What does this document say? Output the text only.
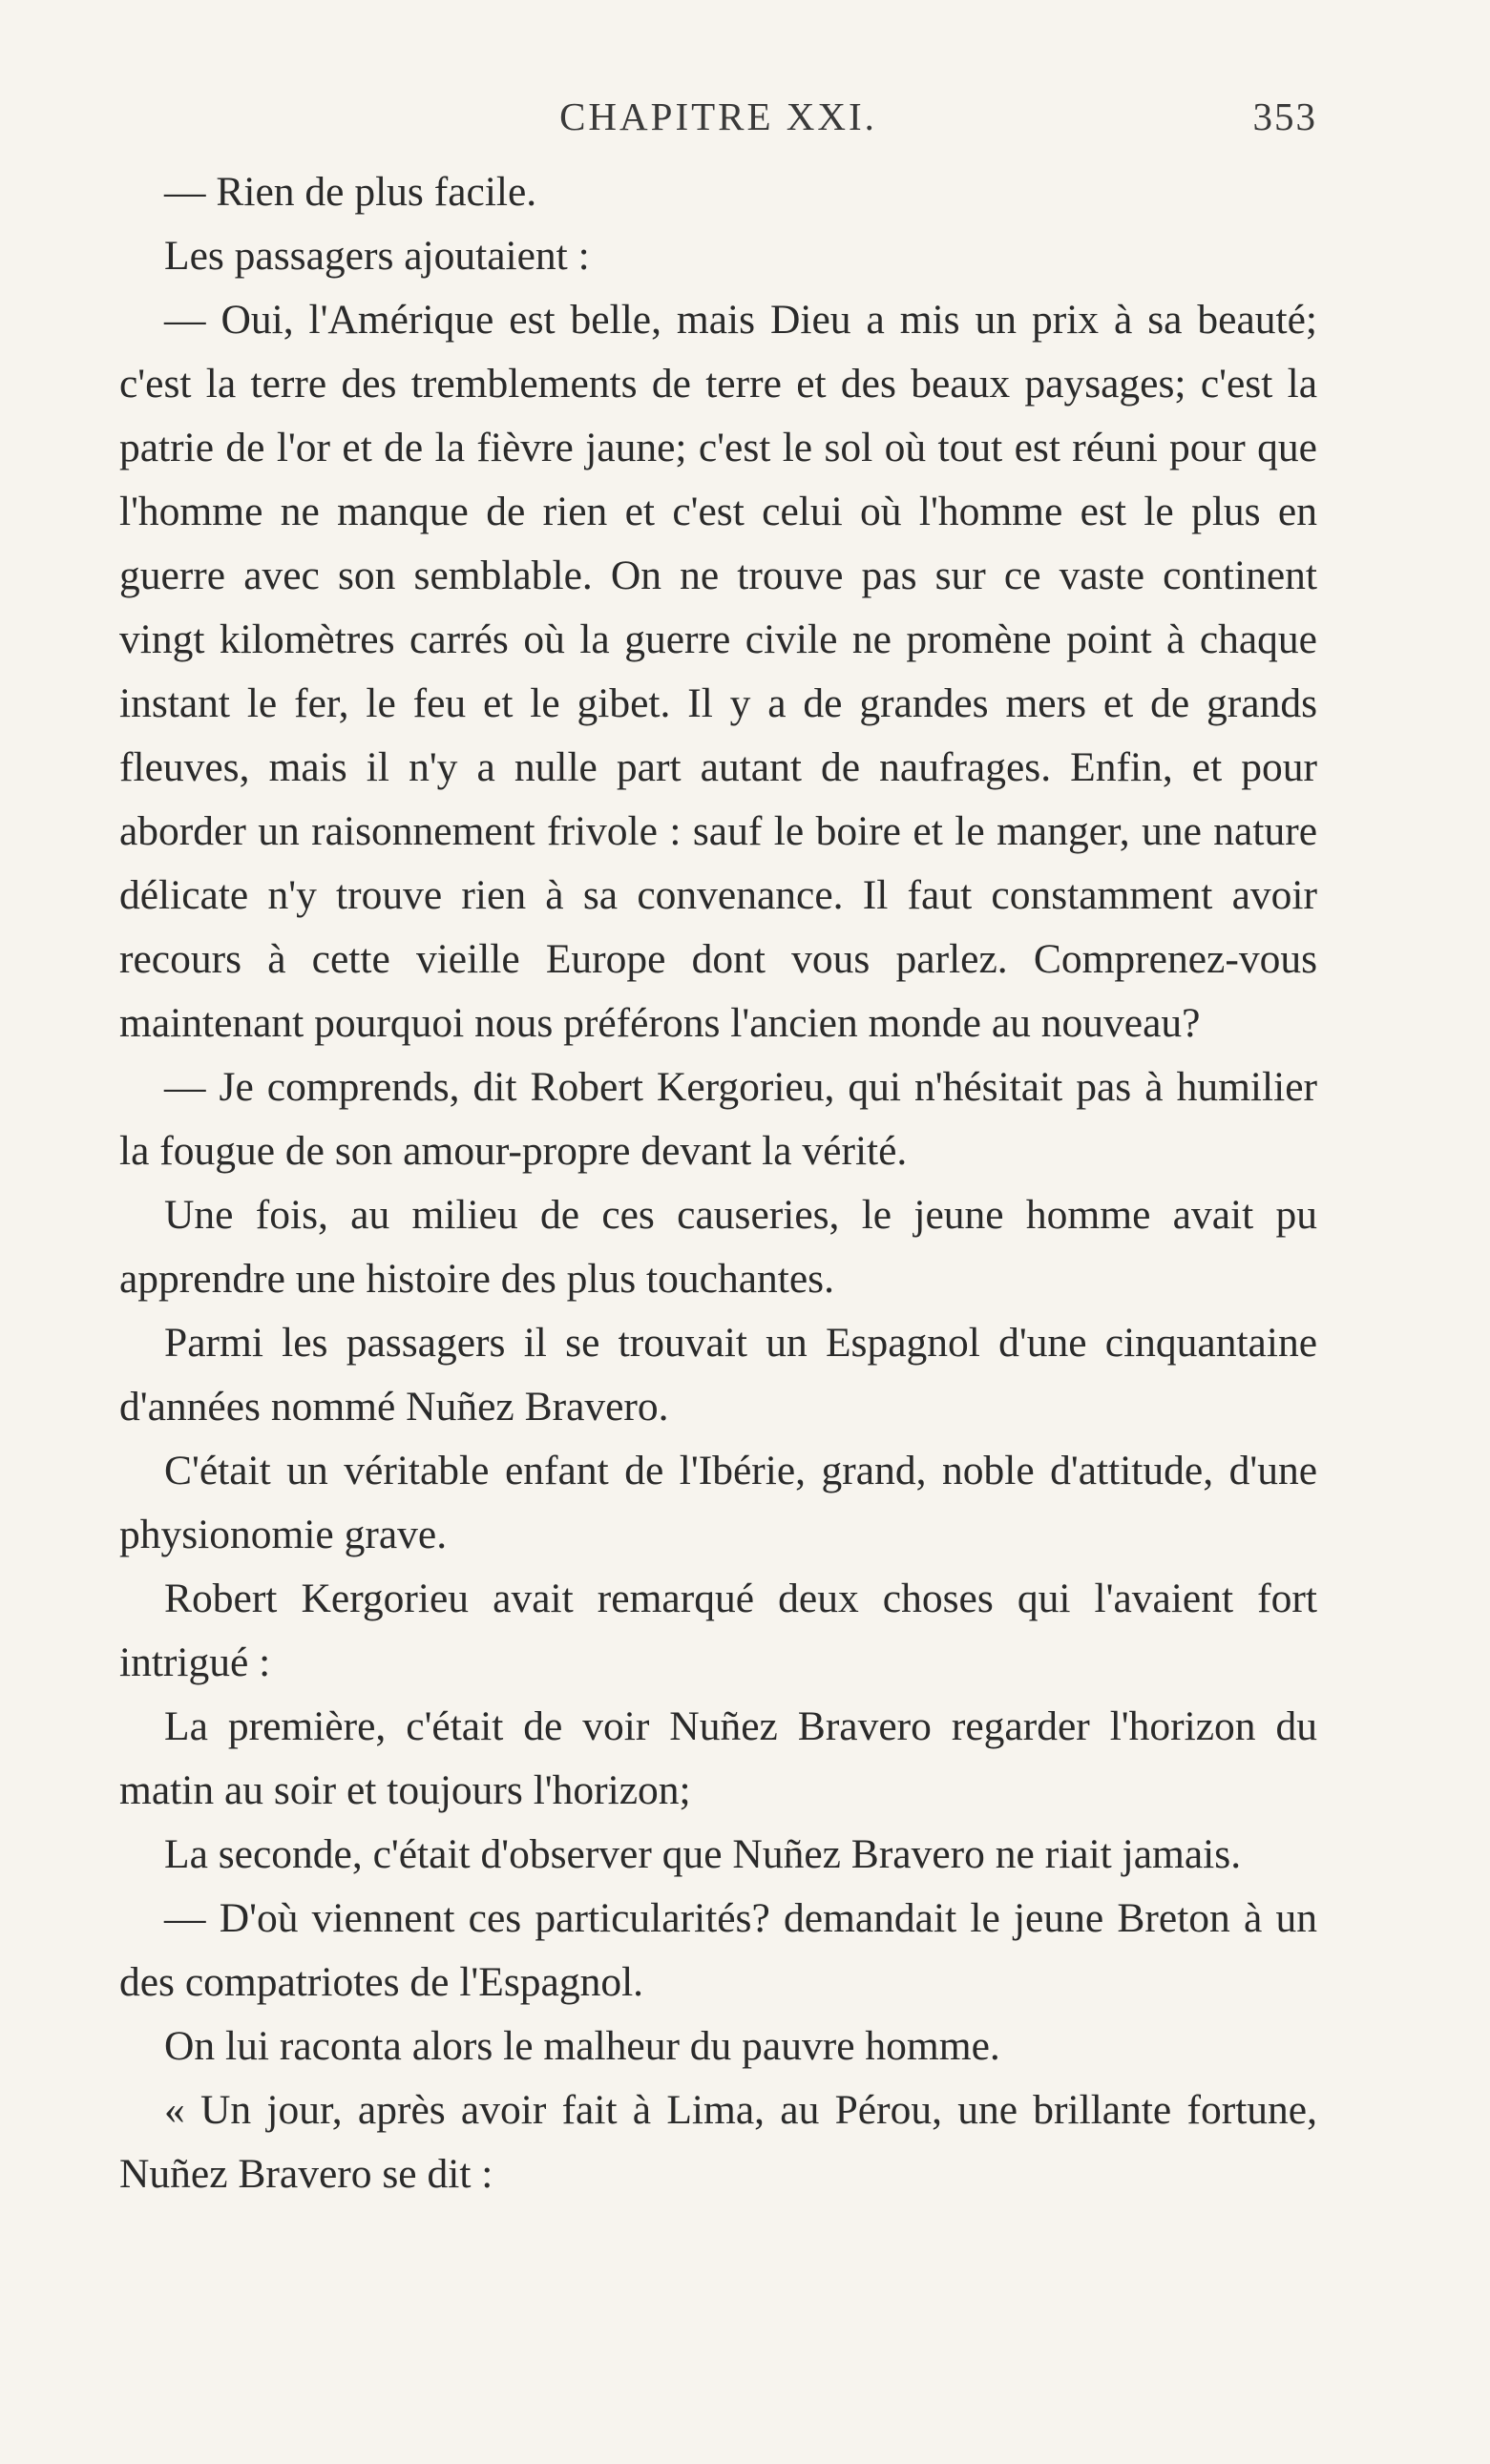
CHAPITRE XXI.	353

— Rien de plus facile.

Les passagers ajoutaient :

— Oui, l'Amérique est belle, mais Dieu a mis un prix à sa beauté; c'est la terre des tremblements de terre et des beaux paysages; c'est la patrie de l'or et de la fièvre jaune; c'est le sol où tout est réuni pour que l'homme ne manque de rien et c'est celui où l'homme est le plus en guerre avec son semblable. On ne trouve pas sur ce vaste continent vingt kilomètres carrés où la guerre civile ne promène point à chaque instant le fer, le feu et le gibet. Il y a de grandes mers et de grands fleuves, mais il n'y a nulle part autant de naufrages. Enfin, et pour aborder un raisonnement frivole : sauf le boire et le manger, une nature délicate n'y trouve rien à sa convenance. Il faut constamment avoir recours à cette vieille Europe dont vous parlez. Comprenez-vous maintenant pourquoi nous préférons l'ancien monde au nouveau?

— Je comprends, dit Robert Kergorieu, qui n'hésitait pas à humilier la fougue de son amour-propre devant la vérité.

Une fois, au milieu de ces causeries, le jeune homme avait pu apprendre une histoire des plus touchantes.

Parmi les passagers il se trouvait un Espagnol d'une cinquantaine d'années nommé Nuñez Bravero.

C'était un véritable enfant de l'Ibérie, grand, noble d'attitude, d'une physionomie grave.

Robert Kergorieu avait remarqué deux choses qui l'avaient fort intrigué :

La première, c'était de voir Nuñez Bravero regarder l'horizon du matin au soir et toujours l'horizon;

La seconde, c'était d'observer que Nuñez Bravero ne riait jamais.

— D'où viennent ces particularités? demandait le jeune Breton à un des compatriotes de l'Espagnol.

On lui raconta alors le malheur du pauvre homme.

« Un jour, après avoir fait à Lima, au Pérou, une brillante fortune, Nuñez Bravero se dit :
